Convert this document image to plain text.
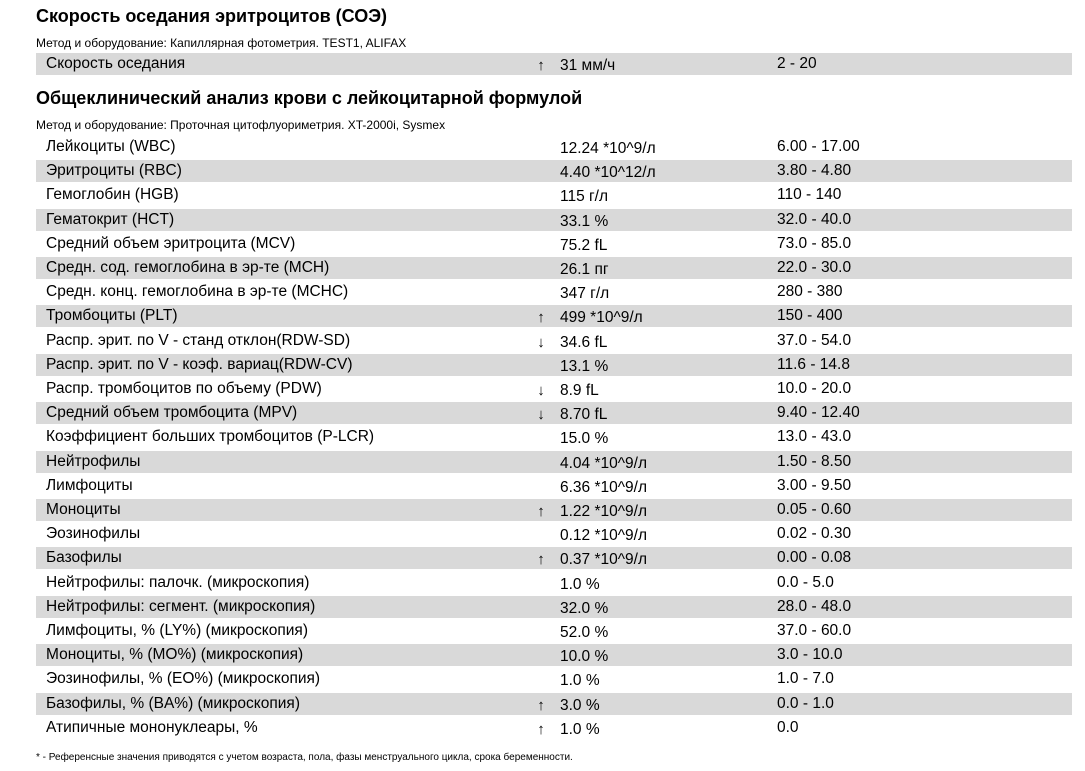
Скорость оседания эритроцитов (СОЭ)
Метод и оборудование: Капиллярная фотометрия. TEST1, ALIFAX
Скорость оседания	↑ 31 мм/ч	2 - 20
Общеклинический анализ крови с лейкоцитарной формулой
Метод и оборудование: Проточная цитофлуориметрия. XT-2000i, Sysmex
Лейкоциты (WBC)	12.24 *10^9/л	6.00 - 17.00
Эритроциты (RBC)	4.40 *10^12/л	3.80 - 4.80
Гемоглобин (HGB)	115 г/л	110 - 140
Гематокрит (HCT)	33.1 %	32.0 - 40.0
Средний объем эритроцита (MCV)	75.2 fL	73.0 - 85.0
Средн. сод. гемоглобина в эр-те (MCH)	26.1 пг	22.0 - 30.0
Средн. конц. гемоглобина в эр-те (MCHC)	347 г/л	280 - 380
Тромбоциты (PLT)	↑ 499 *10^9/л	150 - 400
Распр. эрит. по V - станд отклон(RDW-SD)	↓ 34.6 fL	37.0 - 54.0
Распр. эрит. по V - коэф. вариац(RDW-CV)	13.1 %	11.6 - 14.8
Распр. тромбоцитов по объему (PDW)	↓ 8.9 fL	10.0 - 20.0
Средний объем тромбоцита (MPV)	↓ 8.70 fL	9.40 - 12.40
Коэффициент больших тромбоцитов (P-LCR)	15.0 %	13.0 - 43.0
Нейтрофилы	4.04 *10^9/л	1.50 - 8.50
Лимфоциты	6.36 *10^9/л	3.00 - 9.50
Моноциты	↑ 1.22 *10^9/л	0.05 - 0.60
Эозинофилы	0.12 *10^9/л	0.02 - 0.30
Базофилы	↑ 0.37 *10^9/л	0.00 - 0.08
Нейтрофилы: палочк. (микроскопия)	1.0 %	0.0 - 5.0
Нейтрофилы: сегмент. (микроскопия)	32.0 %	28.0 - 48.0
Лимфоциты, % (LY%) (микроскопия)	52.0 %	37.0 - 60.0
Моноциты, % (MO%) (микроскопия)	10.0 %	3.0 - 10.0
Эозинофилы, % (EO%) (микроскопия)	1.0 %	1.0 - 7.0
Базофилы, % (BA%) (микроскопия)	↑ 3.0 %	0.0 - 1.0
Атипичные мононуклеары, %	↑ 1.0 %	0.0
* - Референсные значения приводятся с учетом возраста, пола, фазы менструального цикла, срока беременности.
